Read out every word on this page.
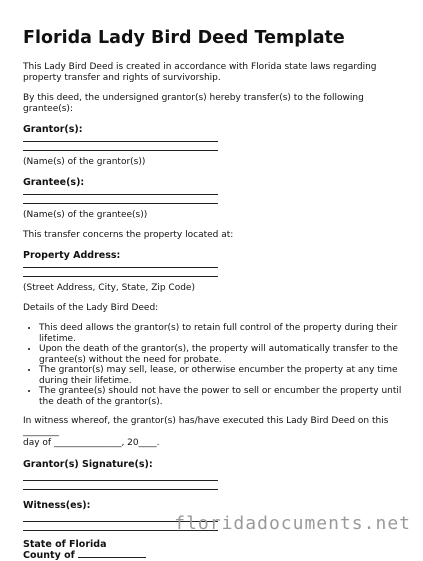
Florida Lady Bird Deed Template

This Lady Bird Deed is created in accordance with Florida state laws regarding property transfer and rights of survivorship.

By this deed, the undersigned grantor(s) hereby transfer(s) to the following grantee(s):

Grantor(s):
(Name(s) of the grantor(s))
Grantee(s):
(Name(s) of the grantee(s))

This transfer concerns the property located at:

Property Address:
(Street Address, City, State, Zip Code)

Details of the Lady Bird Deed:

• This deed allows the grantor(s) to retain full control of the property during their lifetime.
• Upon the death of the grantor(s), the property will automatically transfer to the grantee(s) without the need for probate.
• The grantor(s) may sell, lease, or otherwise encumber the property at any time during their lifetime.
• The grantee(s) should not have the power to sell or encumber the property until the death of the grantor(s).

In witness whereof, the grantor(s) has/have executed this Lady Bird Deed on this ________

day of _______________, 20____.

Grantor(s) Signature(s):
Witness(es):
State of Florida
County of
floridadocuments.net
